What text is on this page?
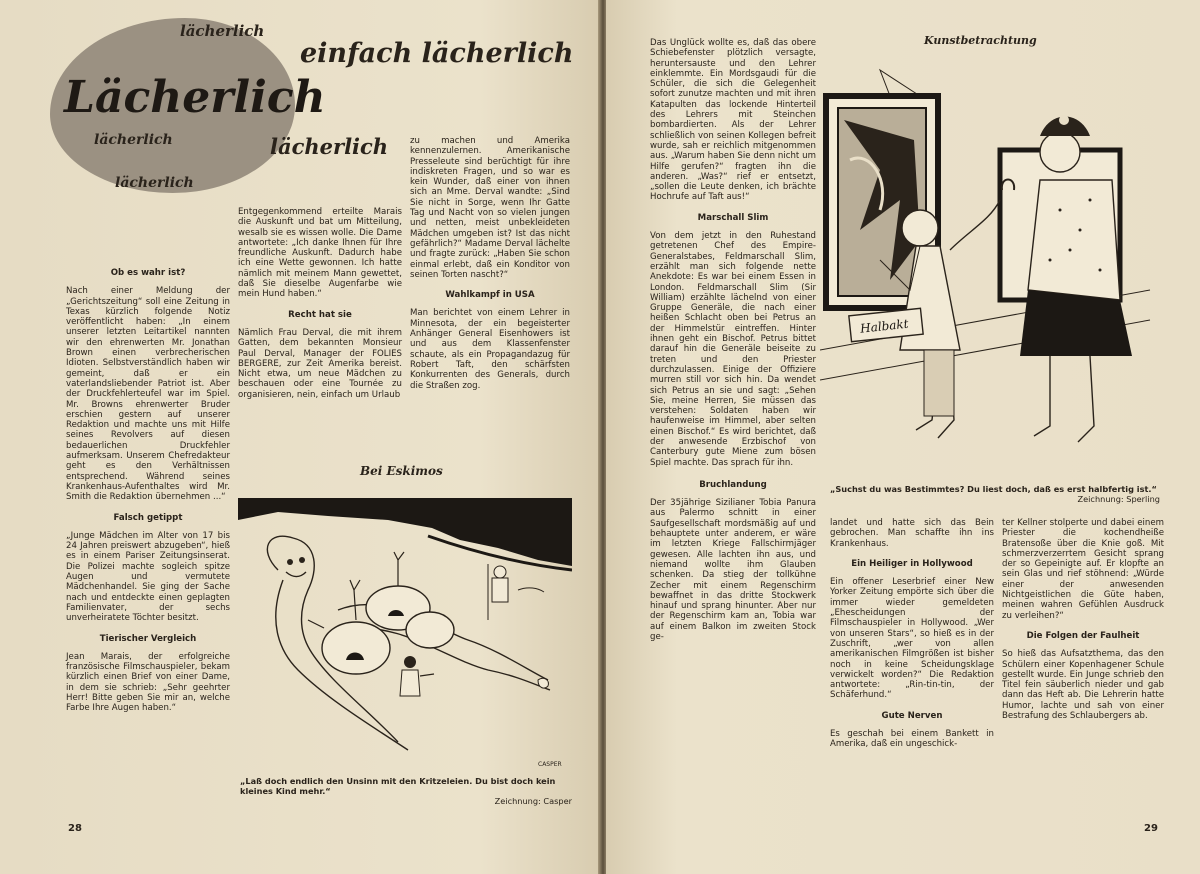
lächerlich
einfach lächerlich
Lächerlich
lächerlich	lächerlich
lächerlich

Ob es wahr ist?

Nach einer Meldung der „Gerichtszeitung“ soll eine Zeitung in Texas kürzlich folgende Notiz veröffentlicht haben: „In einem unserer letzten Leitartikel nannten wir den ehrenwerten Mr. Jonathan Brown einen verbrecherischen Idioten. Selbstverständlich haben wir gemeint, daß er ein vaterlandsliebender Patriot ist. Aber der Druckfehlerteufel war im Spiel. Mr. Browns ehrenwerter Bruder erschien gestern auf unserer Redaktion und machte uns mit Hilfe seines Revolvers auf diesen bedauerlichen Druckfehler aufmerksam. Unserem Chefredakteur geht es den Verhältnissen entsprechend. Während seines Krankenhaus-Aufenthaltes wird Mr. Smith die Redaktion übernehmen ...“

Falsch getippt

„Junge Mädchen im Alter von 17 bis 24 Jahren preiswert abzugeben“, hieß es in einem Pariser Zeitungsinserat. Die Polizei machte sogleich spitze Augen und vermutete Mädchenhandel. Sie ging der Sache nach und entdeckte einen geplagten Familienvater, der sechs unverheiratete Töchter besitzt.

Tierischer Vergleich

Jean Marais, der erfolgreiche französische Filmschauspieler, bekam kürzlich einen Brief von einer Dame, in dem sie schrieb: „Sehr geehrter Herr! Bitte geben Sie mir an, welche Farbe Ihre Augen haben.“

Entgegenkommend erteilte Marais die Auskunft und bat um Mitteilung, wesalb sie es wissen wolle. Die Dame antwortete: „Ich danke Ihnen für Ihre freundliche Auskunft. Dadurch habe ich eine Wette gewonnen. Ich hatte nämlich mit meinem Mann gewettet, daß Sie dieselbe Augenfarbe wie mein Hund haben.“

Recht hat sie

Nämlich Frau Derval, die mit ihrem Gatten, dem bekannten Monsieur Paul Derval, Manager der FOLIES BERGERE, zur Zeit Amerika bereist. Nicht etwa, um neue Mädchen zu beschauen oder eine Tournée zu organisieren, nein, einfach um Urlaub

zu machen und Amerika kennenzulernen. Amerikanische Presseleute sind berüchtigt für ihre indiskreten Fragen, und so war es kein Wunder, daß einer von ihnen sich an Mme. Derval wandte: „Sind Sie nicht in Sorge, wenn Ihr Gatte Tag und Nacht von so vielen jungen und netten, meist unbekleideten Mädchen umgeben ist? Ist das nicht gefährlich?“ Madame Derval lächelte und fragte zurück: „Haben Sie schon einmal erlebt, daß ein Konditor von seinen Torten nascht?“

Wahlkampf in USA

Man berichtet von einem Lehrer in Minnesota, der ein begeisterter Anhänger General Eisenhowers ist und aus dem Klassenfenster schaute, als ein Propagandazug für Robert Taft, den schärfsten Konkurrenten des Generals, durch die Straßen zog.

Bei Eskimos
CASPER
„Laß doch endlich den Unsinn mit den Kritzeleien. Du bist doch kein kleines Kind mehr.“
Zeichnung: Casper
28

Das Unglück wollte es, daß das obere Schiebefenster plötzlich versagte, heruntersauste und den Lehrer einklemmte. Ein Mordsgaudi für die Schüler, die sich die Gelegenheit sofort zunutze machten und mit ihren Katapulten das lockende Hinterteil des Lehrers mit Steinchen bombardierten. Als der Lehrer schließlich von seinen Kollegen befreit wurde, sah er reichlich mitgenommen aus. „Warum haben Sie denn nicht um Hilfe gerufen?“ fragten ihn die anderen. „Was?“ rief er entsetzt, „sollen die Leute denken, ich brächte Hochrufe auf Taft aus!“

Marschall Slim

Von dem jetzt in den Ruhestand getretenen Chef des Empire-Generalstabes, Feldmarschall Slim, erzählt man sich folgende nette Anekdote: Es war bei einem Essen in London. Feldmarschall Slim (Sir William) erzählte lächelnd von einer Gruppe Generäle, die nach einer heißen Schlacht oben bei Petrus an der Himmelstür eintreffen. Hinter ihnen geht ein Bischof. Petrus bittet darauf hin die Generäle beiseite zu treten und den Priester durchzulassen. Einige der Offiziere murren still vor sich hin. Da wendet sich Petrus an sie und sagt: „Sehen Sie, meine Herren, Sie müssen das verstehen: Soldaten haben wir haufenweise im Himmel, aber selten einen Bischof.“ Es wird berichtet, daß der anwesende Erzbischof von Canterbury gute Miene zum bösen Spiel machte. Das sprach für ihn.

Bruchlandung

Der 35jährige Sizilianer Tobia Panura aus Palermo schnitt in einer Saufgesellschaft mordsmäßig auf und behauptete unter anderem, er wäre im letzten Kriege Fallschirmjäger gewesen. Alle lachten ihn aus, und niemand wollte ihm Glauben schenken. Da stieg der tollkühne Zecher mit einem Regenschirm bewaffnet in das dritte Stockwerk hinauf und sprang hinunter. Aber nur der Regenschirm kam an, Tobia war auf einem Balkon im zweiten Stock ge-

Kunstbetrachtung
Halbakt
„Suchst du was Bestimmtes? Du liest doch, daß es erst halbfertig ist.“
Zeichnung: Sperling

landet und hatte sich das Bein gebrochen. Man schaffte ihn ins Krankenhaus.

Ein Heiliger in Hollywood

Ein offener Leserbrief einer New Yorker Zeitung empörte sich über die immer wieder gemeldeten „Ehescheidungen der Filmschauspieler in Hollywood. „Wer von unseren Stars“, so hieß es in der Zuschrift, „wer von allen amerikanischen Filmgrößen ist bisher noch in keine Scheidungsklage verwickelt worden?“ Die Redaktion antwortete: „Rin-tin-tin, der Schäferhund.“

Gute Nerven

Es geschah bei einem Bankett in Amerika, daß ein ungeschick-

ter Kellner stolperte und dabei einem Priester die kochendheiße Bratensoße über die Knie goß. Mit schmerzverzerrtem Gesicht sprang der so Gepeinigte auf. Er klopfte an sein Glas und rief stöhnend: „Würde einer der anwesenden Nichtgeistlichen die Güte haben, meinen wahren Gefühlen Ausdruck zu verleihen?“

Die Folgen der Faulheit

So hieß das Aufsatzthema, das den Schülern einer Kopenhagener Schule gestellt wurde. Ein Junge schrieb den Titel fein säuberlich nieder und gab dann das Heft ab. Die Lehrerin hatte Humor, lachte und sah von einer Bestrafung des Schlaubergers ab.

29
